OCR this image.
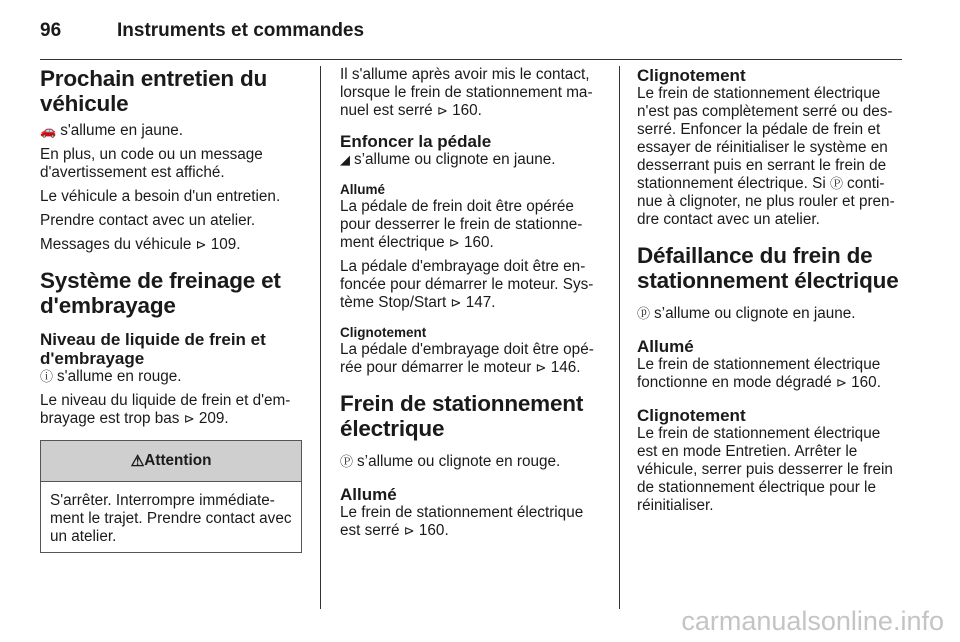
96	Instruments et commandes
Prochain entretien du véhicule

🚗 s'allume en jaune.

En plus, un code ou un message d'avertissement est affiché.

Le véhicule a besoin d'un entretien.

Prendre contact avec un atelier.

Messages du véhicule ⊳ 109.

Système de freinage et d'embrayage
Niveau de liquide de frein et d'embrayage

ⓘ s'allume en rouge.

Le niveau du liquide de frein et d'embrayage est trop bas ⊳ 209.

⚠ Attention

S'arrêter. Interrompre immédiatement le trajet. Prendre contact avec un atelier.

Il s'allume après avoir mis le contact, lorsque le frein de stationnement manuel est serré ⊳ 160.

Enfoncer la pédale

◢ s’allume ou clignote en jaune.

Allumé

La pédale de frein doit être opérée pour desserrer le frein de stationnement électrique ⊳ 160.

La pédale d'embrayage doit être enfoncée pour démarrer le moteur. Système Stop/Start ⊳ 147.

Clignotement

La pédale d'embrayage doit être opérée pour démarrer le moteur ⊳ 146.

Frein de stationnement électrique

Ⓟ s’allume ou clignote en rouge.

Allumé

Le frein de stationnement électrique est serré ⊳ 160.

Clignotement

Le frein de stationnement électrique n'est pas complètement serré ou desserré. Enfoncer la pédale de frein et essayer de réinitialiser le système en desserrant puis en serrant le frein de stationnement électrique. Si Ⓟ continue à clignoter, ne plus rouler et prendre contact avec un atelier.

Défaillance du frein de stationnement électrique

ⓟ s’allume ou clignote en jaune.

Allumé

Le frein de stationnement électrique fonctionne en mode dégradé ⊳ 160.

Clignotement

Le frein de stationnement électrique est en mode Entretien. Arrêter le véhicule, serrer puis desserrer le frein de stationnement électrique pour le réinitialiser.

carmanualsonline.info
